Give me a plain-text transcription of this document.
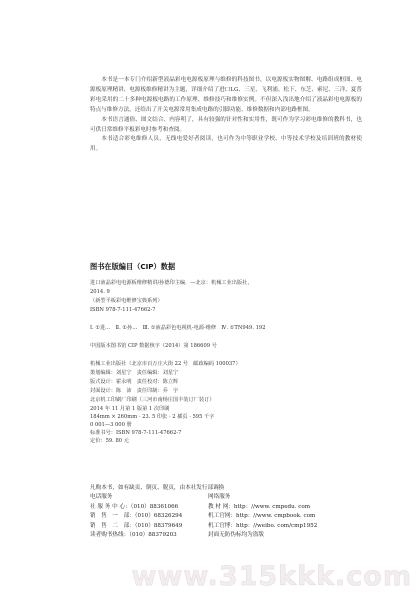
本书是一本专门介绍新型液晶彩电电源板原理与维修的科技图书，以电源板实物图解、电路组成框图、电源板原理精讲、电源板维修精讲为主题，详细介绍了进口LG、三星、飞利浦、松下、东芝、索尼、三洋、夏普彩电采用的二十多种电源板电路的工作原理、维修技巧和维修实例。不但深入浅出地介绍了液晶彩电电源板的特点与维修方法，还给出了开关电源常用集成电路的引脚功能、维修数据和内部电路框图。

本书语言通俗、图文结合、内容明了，具有较强的针对性和实用性，既可作为学习彩电维修的教科书，也可供日常维修平板彩电时参考和查阅。

本书适合彩电维修人员、无线电爱好者阅读，也可作为中等职业学校、中等技术学校及培训班的教材使用。

图书在版编目（CIP）数据

进口液晶彩电电源板维修精讲/孙德印主编．—北京：机械工业出版社，

2014. 9

（新型平板彩电维修宝典系列）

ISBN 978-7-111-47662-7

Ⅰ. ①进…　Ⅱ. ①孙…　Ⅲ. ①液晶彩色电视机-电源-维修　Ⅳ. ①TN949. 192

中国版本图书馆 CIP 数据核字（2014）第 186609 号

机械工业出版社（北京市百万庄大街 22 号　邮政编码 100037）

策划编辑：刘星宁　责任编辑：刘星宁

版式设计：霍永明　责任校对：陈立辉

封面设计：陈　沛　责任印制：乔　宇

北京机工印刷厂印刷（三河市南杨庄国丰装订厂装订）

2014 年 11 月第 1 版第 1 次印刷

184mm × 260mm · 23. 5 印张 · 2 插页 · 595 千字

0 001—3 000 册

标准书号：ISBN 978-7-111-47662-7

定价：59. 80 元

凡购本书，如有缺页、倒页、脱页，由本社发行部调换

电话服务	网络服务
社 服 务 中 心：（010）88361066	教 材 网：http：//www. cmpedu. com
销　售　一　部：（010）68326294	机工官网：http：//www. cmpbook. com
销　售　二　部：（010）88379649	机工官博：http：//weibo. com/cmp1952
读者购书热线：（010）88379203	封面无防伪标均为盗版
www.315kkk.com
